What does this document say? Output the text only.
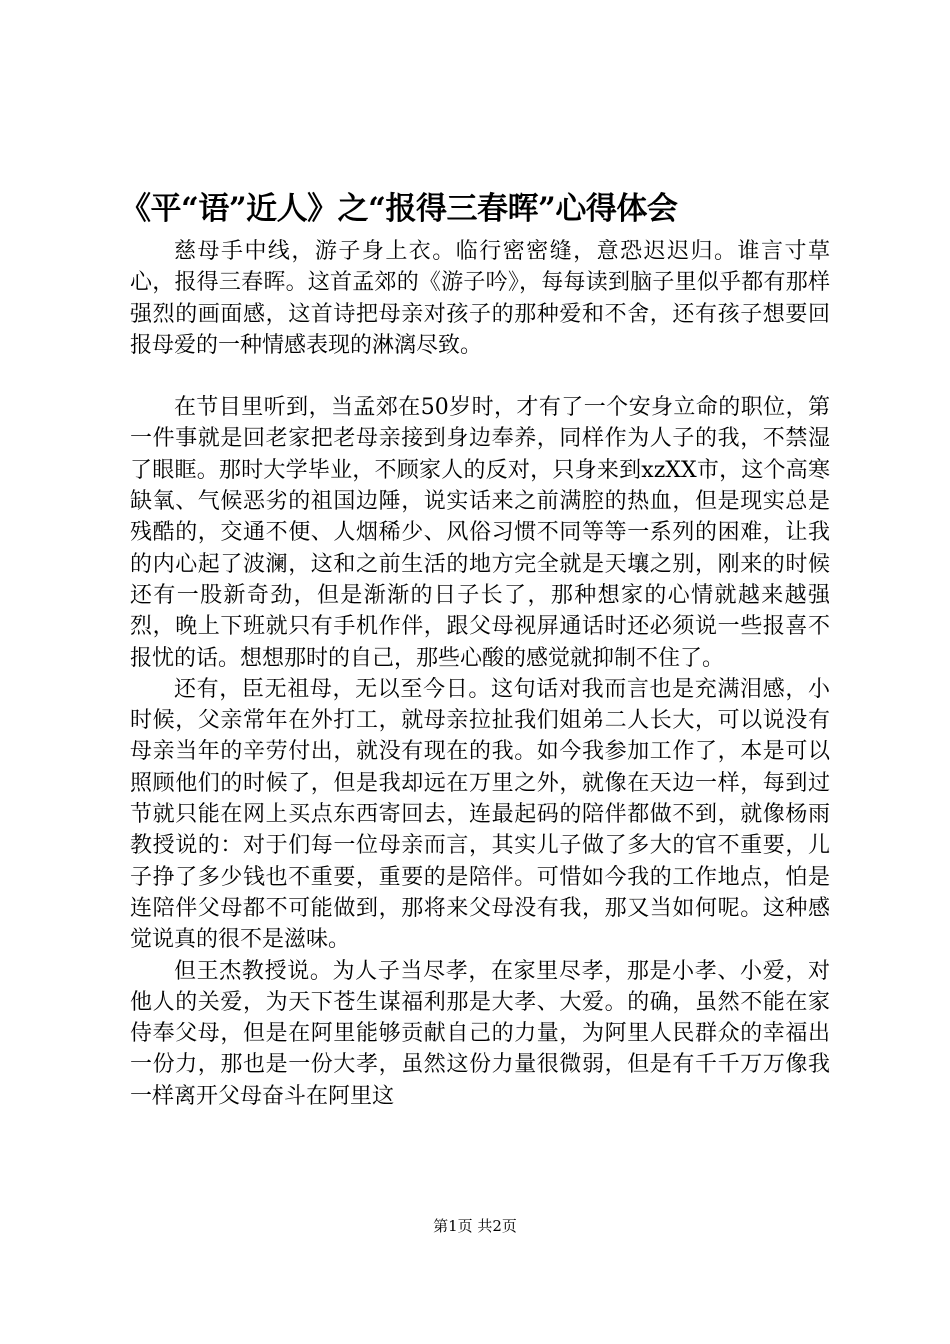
《平“语”近人》之“报得三春晖”心得体会

慈母手中线，游子身上衣。临行密密缝，意恐迟迟归。谁言寸草心，报得三春晖。这首孟郊的《游子吟》，每每读到脑子里似乎都有那样强烈的画面感，这首诗把母亲对孩子的那种爱和不舍，还有孩子想要回报母爱的一种情感表现的淋漓尽致。

在节目里听到，当孟郊在50岁时，才有了一个安身立命的职位，第一件事就是回老家把老母亲接到身边奉养，同样作为人子的我，不禁湿了眼眶。那时大学毕业，不顾家人的反对，只身来到xzXX市，这个高寒缺氧、气候恶劣的祖国边陲，说实话来之前满腔的热血，但是现实总是残酷的，交通不便、人烟稀少、风俗习惯不同等等一系列的困难，让我的内心起了波澜，这和之前生活的地方完全就是天壤之别，刚来的时候还有一股新奇劲，但是渐渐的日子长了，那种想家的心情就越来越强烈，晚上下班就只有手机作伴，跟父母视屏通话时还必须说一些报喜不报忧的话。想想那时的自己，那些心酸的感觉就抑制不住了。

还有，臣无祖母，无以至今日。这句话对我而言也是充满泪感，小时候，父亲常年在外打工，就母亲拉扯我们姐弟二人长大，可以说没有母亲当年的辛劳付出，就没有现在的我。如今我参加工作了，本是可以照顾他们的时候了，但是我却远在万里之外，就像在天边一样，每到过节就只能在网上买点东西寄回去，连最起码的陪伴都做不到，就像杨雨教授说的：对于们每一位母亲而言，其实儿子做了多大的官不重要，儿子挣了多少钱也不重要，重要的是陪伴。可惜如今我的工作地点，怕是连陪伴父母都不可能做到，那将来父母没有我，那又当如何呢。这种感觉说真的很不是滋味。

但王杰教授说。为人子当尽孝，在家里尽孝，那是小孝、小爱，对他人的关爱，为天下苍生谋福利那是大孝、大爱。的确，虽然不能在家侍奉父母，但是在阿里能够贡献自己的力量，为阿里人民群众的幸福出一份力，那也是一份大孝，虽然这份力量很微弱，但是有千千万万像我一样离开父母奋斗在阿里这

第1页 共2页
